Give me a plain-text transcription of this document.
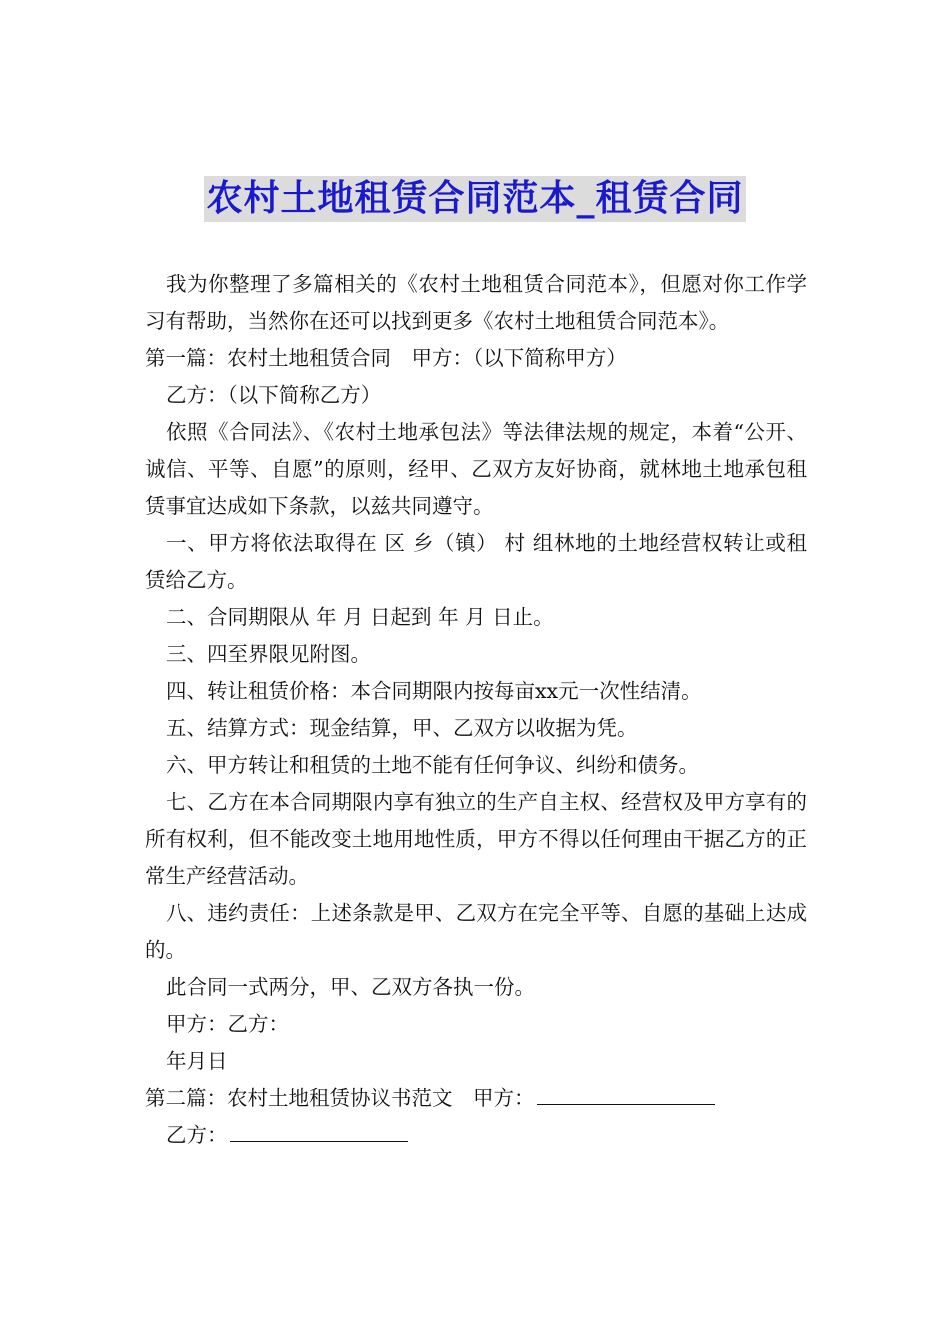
农村土地租赁合同范本_租赁合同

我为你整理了多篇相关的《农村土地租赁合同范本》，但愿对你工作学习有帮助，当然你在还可以找到更多《农村土地租赁合同范本》。

第一篇：农村土地租赁合同　甲方：（以下简称甲方）

乙方：（以下简称乙方）

依照《合同法》、《农村土地承包法》等法律法规的规定，本着“公开、诚信、平等、自愿”的原则，经甲、乙双方友好协商，就林地土地承包租赁事宜达成如下条款，以兹共同遵守。

一、甲方将依法取得在 区 乡（镇） 村 组林地的土地经营权转让或租赁给乙方。

二、合同期限从 年 月 日起到 年 月 日止。

三、四至界限见附图。

四、转让租赁价格：本合同期限内按每亩xx元一次性结清。

五、结算方式：现金结算，甲、乙双方以收据为凭。

六、甲方转让和租赁的土地不能有任何争议、纠纷和债务。

七、乙方在本合同期限内享有独立的生产自主权、经营权及甲方享有的所有权利，但不能改变土地用地性质，甲方不得以任何理由干据乙方的正常生产经营活动。

八、违约责任：上述条款是甲、乙双方在完全平等、自愿的基础上达成的。

此合同一式两分，甲、乙双方各执一份。

甲方：乙方：

年月日

第二篇：农村土地租赁协议书范文　甲方：

乙方：
